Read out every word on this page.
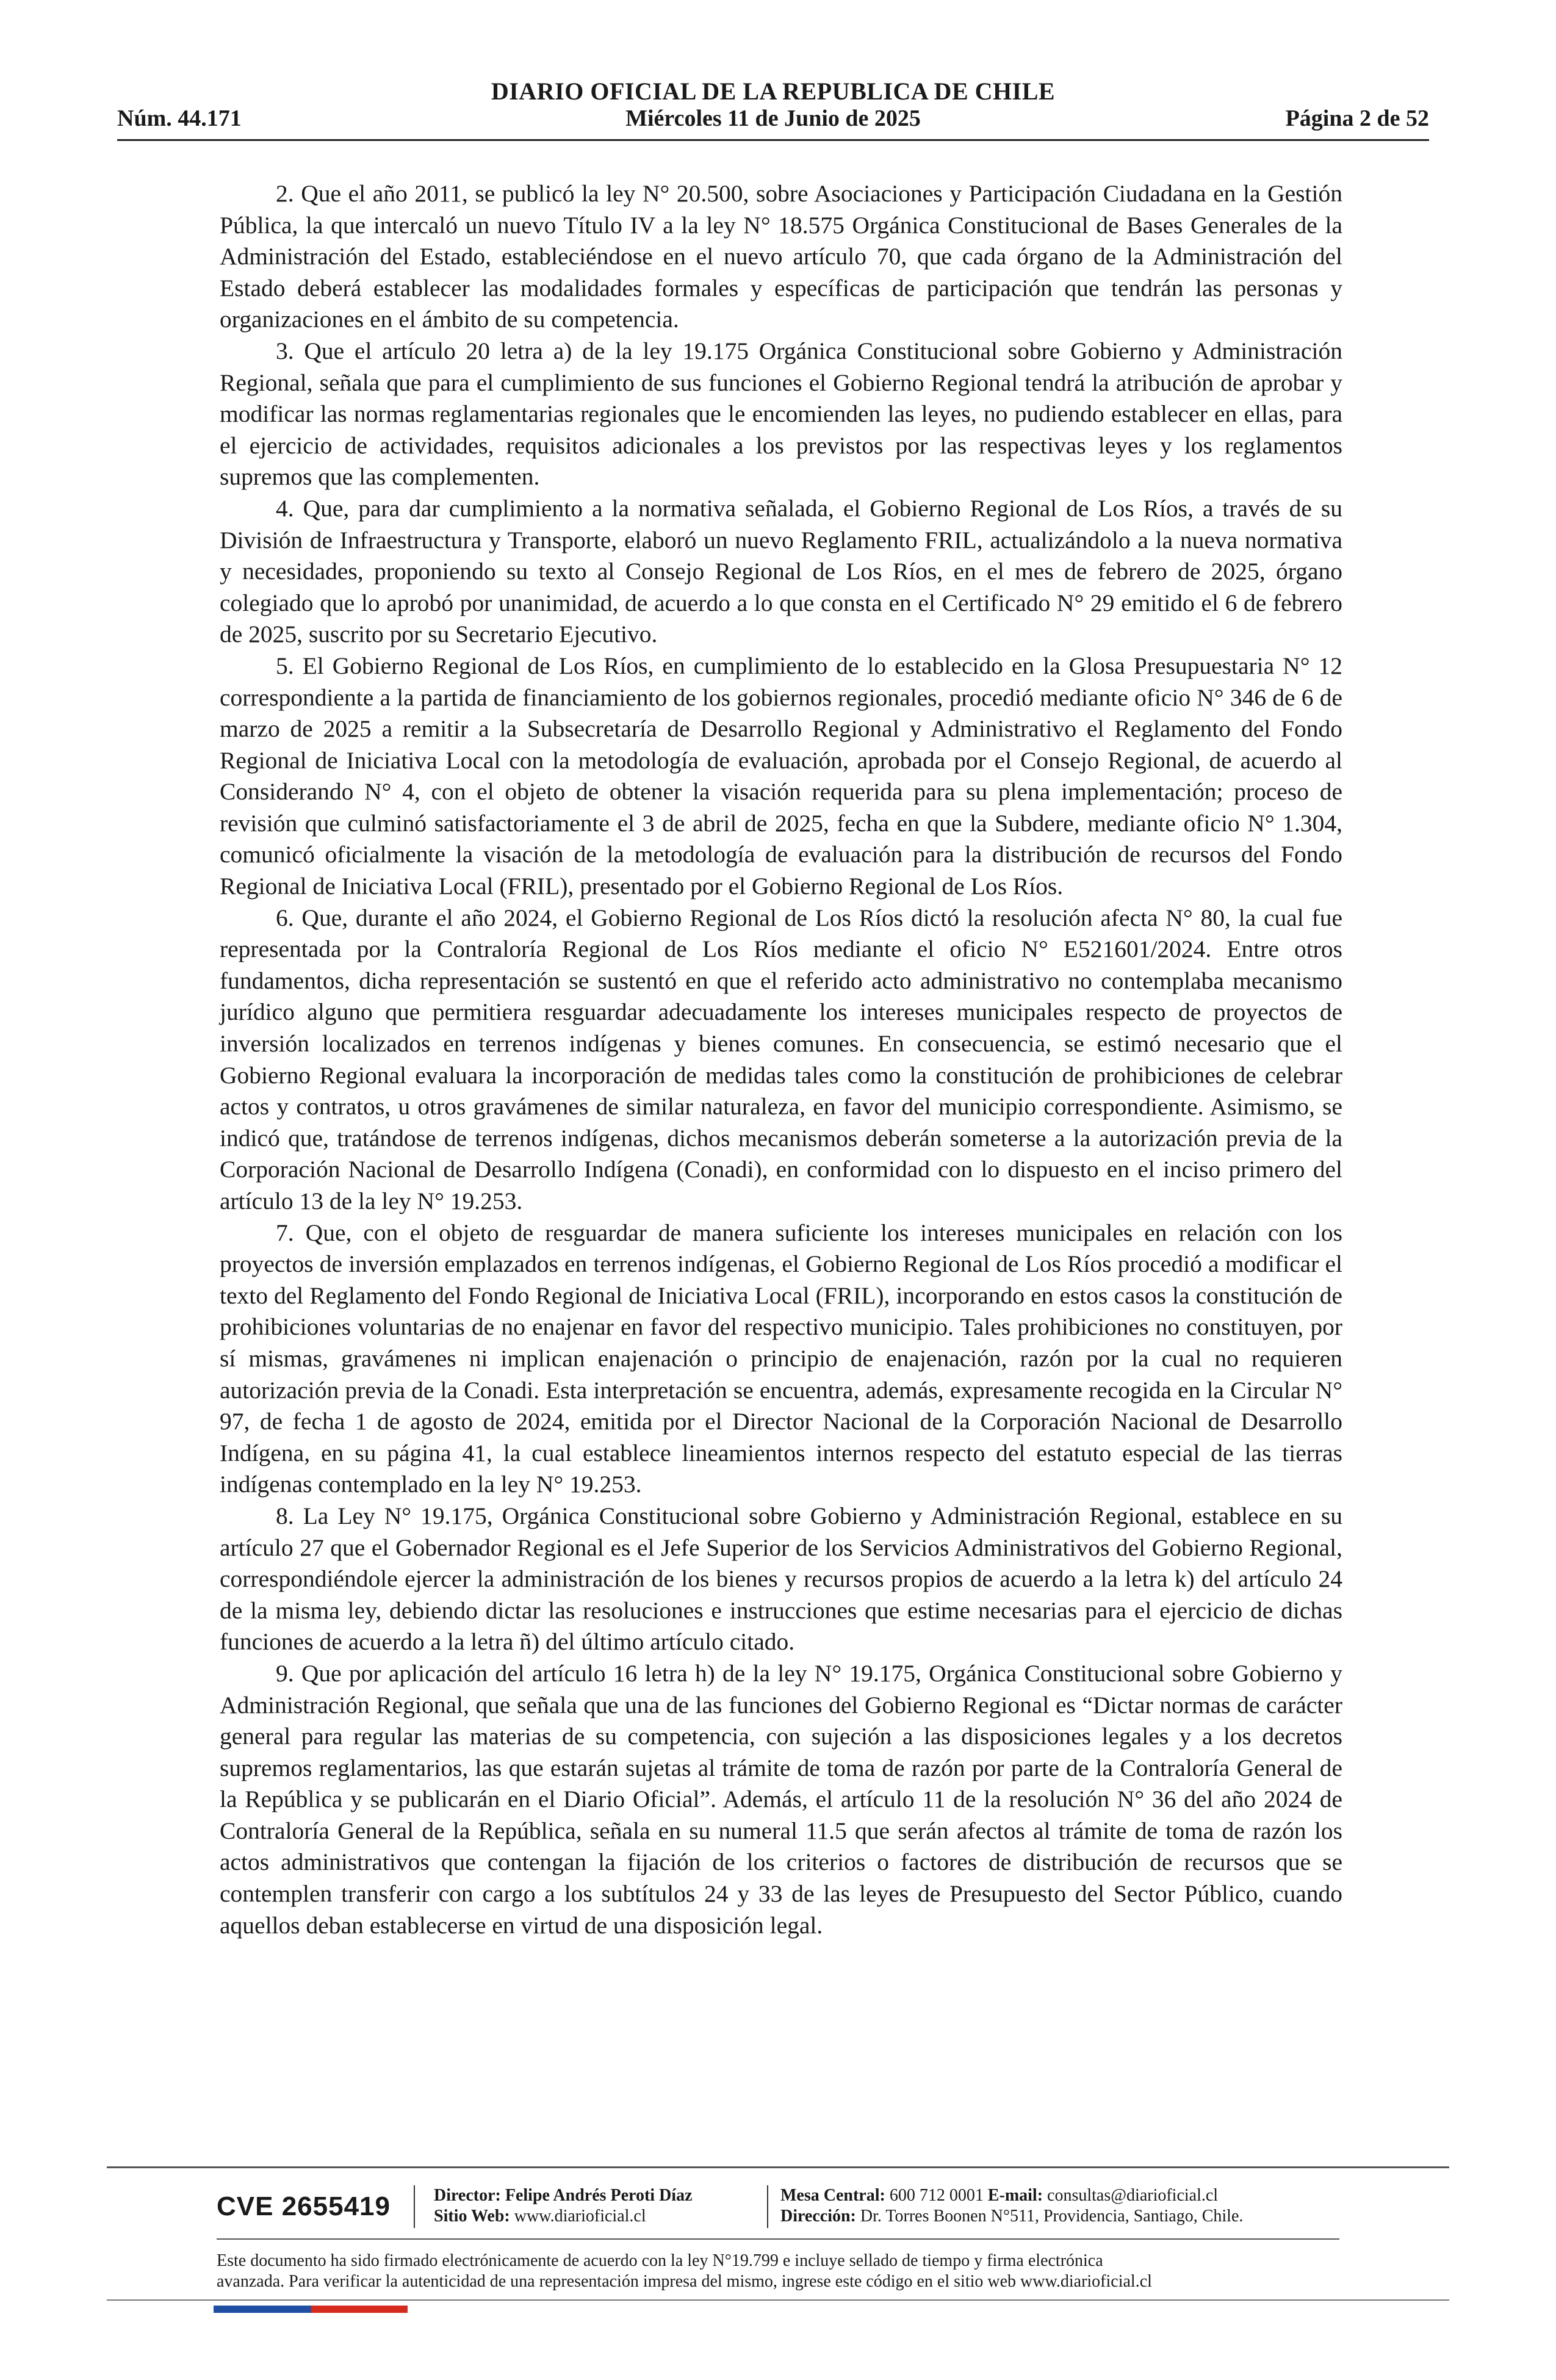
DIARIO OFICIAL DE LA REPUBLICA DE CHILE
Núm. 44.171	Miércoles 11 de Junio de 2025	Página 2 de 52

2. Que el año 2011, se publicó la ley N° 20.500, sobre Asociaciones y Participación Ciudadana en la Gestión Pública, la que intercaló un nuevo Título IV a la ley N° 18.575 Orgánica Constitucional de Bases Generales de la Administración del Estado, estableciéndose en el nuevo artículo 70, que cada órgano de la Administración del Estado deberá establecer las modalidades formales y específicas de participación que tendrán las personas y organizaciones en el ámbito de su competencia.

3. Que el artículo 20 letra a) de la ley 19.175 Orgánica Constitucional sobre Gobierno y Administración Regional, señala que para el cumplimiento de sus funciones el Gobierno Regional tendrá la atribución de aprobar y modificar las normas reglamentarias regionales que le encomienden las leyes, no pudiendo establecer en ellas, para el ejercicio de actividades, requisitos adicionales a los previstos por las respectivas leyes y los reglamentos supremos que las complementen.

4. Que, para dar cumplimiento a la normativa señalada, el Gobierno Regional de Los Ríos, a través de su División de Infraestructura y Transporte, elaboró un nuevo Reglamento FRIL, actualizándolo a la nueva normativa y necesidades, proponiendo su texto al Consejo Regional de Los Ríos, en el mes de febrero de 2025, órgano colegiado que lo aprobó por unanimidad, de acuerdo a lo que consta en el Certificado N° 29 emitido el 6 de febrero de 2025, suscrito por su Secretario Ejecutivo.

5. El Gobierno Regional de Los Ríos, en cumplimiento de lo establecido en la Glosa Presupuestaria N° 12 correspondiente a la partida de financiamiento de los gobiernos regionales, procedió mediante oficio N° 346 de 6 de marzo de 2025 a remitir a la Subsecretaría de Desarrollo Regional y Administrativo el Reglamento del Fondo Regional de Iniciativa Local con la metodología de evaluación, aprobada por el Consejo Regional, de acuerdo al Considerando N° 4, con el objeto de obtener la visación requerida para su plena implementación; proceso de revisión que culminó satisfactoriamente el 3 de abril de 2025, fecha en que la Subdere, mediante oficio N° 1.304, comunicó oficialmente la visación de la metodología de evaluación para la distribución de recursos del Fondo Regional de Iniciativa Local (FRIL), presentado por el Gobierno Regional de Los Ríos.

6. Que, durante el año 2024, el Gobierno Regional de Los Ríos dictó la resolución afecta N° 80, la cual fue representada por la Contraloría Regional de Los Ríos mediante el oficio N° E521601/2024. Entre otros fundamentos, dicha representación se sustentó en que el referido acto administrativo no contemplaba mecanismo jurídico alguno que permitiera resguardar adecuadamente los intereses municipales respecto de proyectos de inversión localizados en terrenos indígenas y bienes comunes. En consecuencia, se estimó necesario que el Gobierno Regional evaluara la incorporación de medidas tales como la constitución de prohibiciones de celebrar actos y contratos, u otros gravámenes de similar naturaleza, en favor del municipio correspondiente. Asimismo, se indicó que, tratándose de terrenos indígenas, dichos mecanismos deberán someterse a la autorización previa de la Corporación Nacional de Desarrollo Indígena (Conadi), en conformidad con lo dispuesto en el inciso primero del artículo 13 de la ley N° 19.253.

7. Que, con el objeto de resguardar de manera suficiente los intereses municipales en relación con los proyectos de inversión emplazados en terrenos indígenas, el Gobierno Regional de Los Ríos procedió a modificar el texto del Reglamento del Fondo Regional de Iniciativa Local (FRIL), incorporando en estos casos la constitución de prohibiciones voluntarias de no enajenar en favor del respectivo municipio. Tales prohibiciones no constituyen, por sí mismas, gravámenes ni implican enajenación o principio de enajenación, razón por la cual no requieren autorización previa de la Conadi. Esta interpretación se encuentra, además, expresamente recogida en la Circular N° 97, de fecha 1 de agosto de 2024, emitida por el Director Nacional de la Corporación Nacional de Desarrollo Indígena, en su página 41, la cual establece lineamientos internos respecto del estatuto especial de las tierras indígenas contemplado en la ley N° 19.253.

8. La Ley N° 19.175, Orgánica Constitucional sobre Gobierno y Administración Regional, establece en su artículo 27 que el Gobernador Regional es el Jefe Superior de los Servicios Administrativos del Gobierno Regional, correspondiéndole ejercer la administración de los bienes y recursos propios de acuerdo a la letra k) del artículo 24 de la misma ley, debiendo dictar las resoluciones e instrucciones que estime necesarias para el ejercicio de dichas funciones de acuerdo a la letra ñ) del último artículo citado.

9. Que por aplicación del artículo 16 letra h) de la ley N° 19.175, Orgánica Constitucional sobre Gobierno y Administración Regional, que señala que una de las funciones del Gobierno Regional es “Dictar normas de carácter general para regular las materias de su competencia, con sujeción a las disposiciones legales y a los decretos supremos reglamentarios, las que estarán sujetas al trámite de toma de razón por parte de la Contraloría General de la República y se publicarán en el Diario Oficial”. Además, el artículo 11 de la resolución N° 36 del año 2024 de Contraloría General de la República, señala en su numeral 11.5 que serán afectos al trámite de toma de razón los actos administrativos que contengan la fijación de los criterios o factores de distribución de recursos que se contemplen transferir con cargo a los subtítulos 24 y 33 de las leyes de Presupuesto del Sector Público, cuando aquellos deban establecerse en virtud de una disposición legal.

CVE 2655419	Director: Felipe Andrés Peroti Díaz
Sitio Web: www.diarioficial.cl
Mesa Central: 600 712 0001 E-mail: consultas@diarioficial.cl
Dirección: Dr. Torres Boonen N°511, Providencia, Santiago, Chile.
Este documento ha sido firmado electrónicamente de acuerdo con la ley N°19.799 e incluye sellado de tiempo y firma electrónica
avanzada. Para verificar la autenticidad de una representación impresa del mismo, ingrese este código en el sitio web www.diarioficial.cl
